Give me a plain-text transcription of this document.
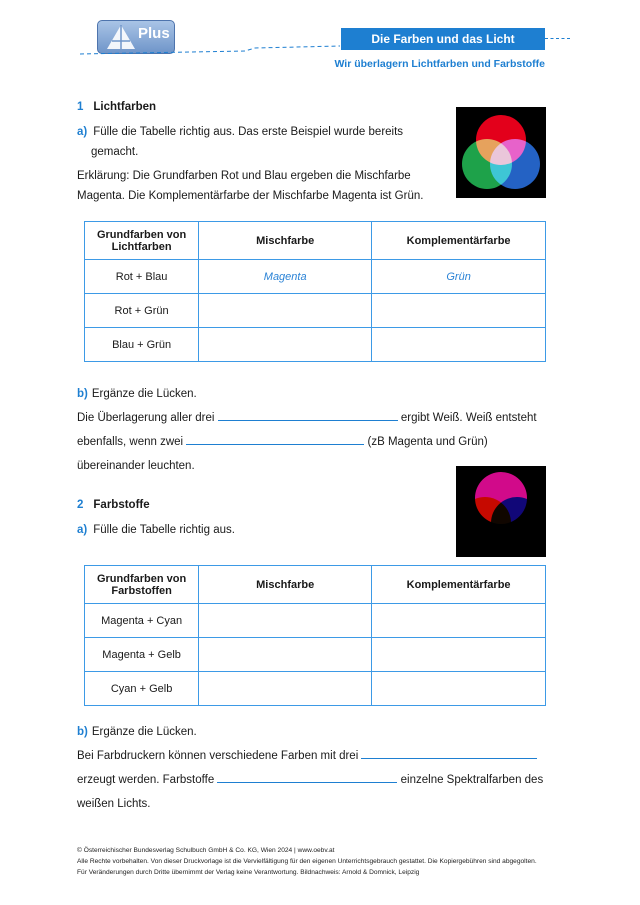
Plus	Die Farben und das Licht
Wir überlagern Lichtfarben und Farbstoffe
1 Lichtfarben
a) Fülle die Tabelle richtig aus. Das erste Beispiel wurde bereits
gemacht.
Erklärung: Die Grundfarben Rot und Blau ergeben die Mischfarbe
Magenta. Die Komplementärfarbe der Mischfarbe Magenta ist Grün.
Grundfarben von Lichtfarben	Mischfarbe	Komplementärfarbe
Rot + Blau	Magenta	Grün
Rot + Grün		
Blau + Grün		
b) Ergänze die Lücken.
Die Überlagerung aller drei	ergibt Weiß. Weiß entsteht
ebenfalls, wenn zwei	(zB Magenta und Grün)
übereinander leuchten.
2 Farbstoffe
a) Fülle die Tabelle richtig aus.
Grundfarben von Farbstoffen	Mischfarbe	Komplementärfarbe
Magenta + Cyan		
Magenta + Gelb		
Cyan + Gelb		
b) Ergänze die Lücken.
Bei Farbdruckern können verschiedene Farben mit drei
erzeugt werden. Farbstoffe	einzelne Spektralfarben des
weißen Lichts.
© Österreichischer Bundesverlag Schulbuch GmbH & Co. KG, Wien 2024 | www.oebv.at
Alle Rechte vorbehalten. Von dieser Druckvorlage ist die Vervielfältigung für den eigenen Unterrichtsgebrauch gestattet. Die Kopiergebühren sind abgegolten.
Für Veränderungen durch Dritte übernimmt der Verlag keine Verantwortung. Bildnachweis: Arnold & Domnick, Leipzig
